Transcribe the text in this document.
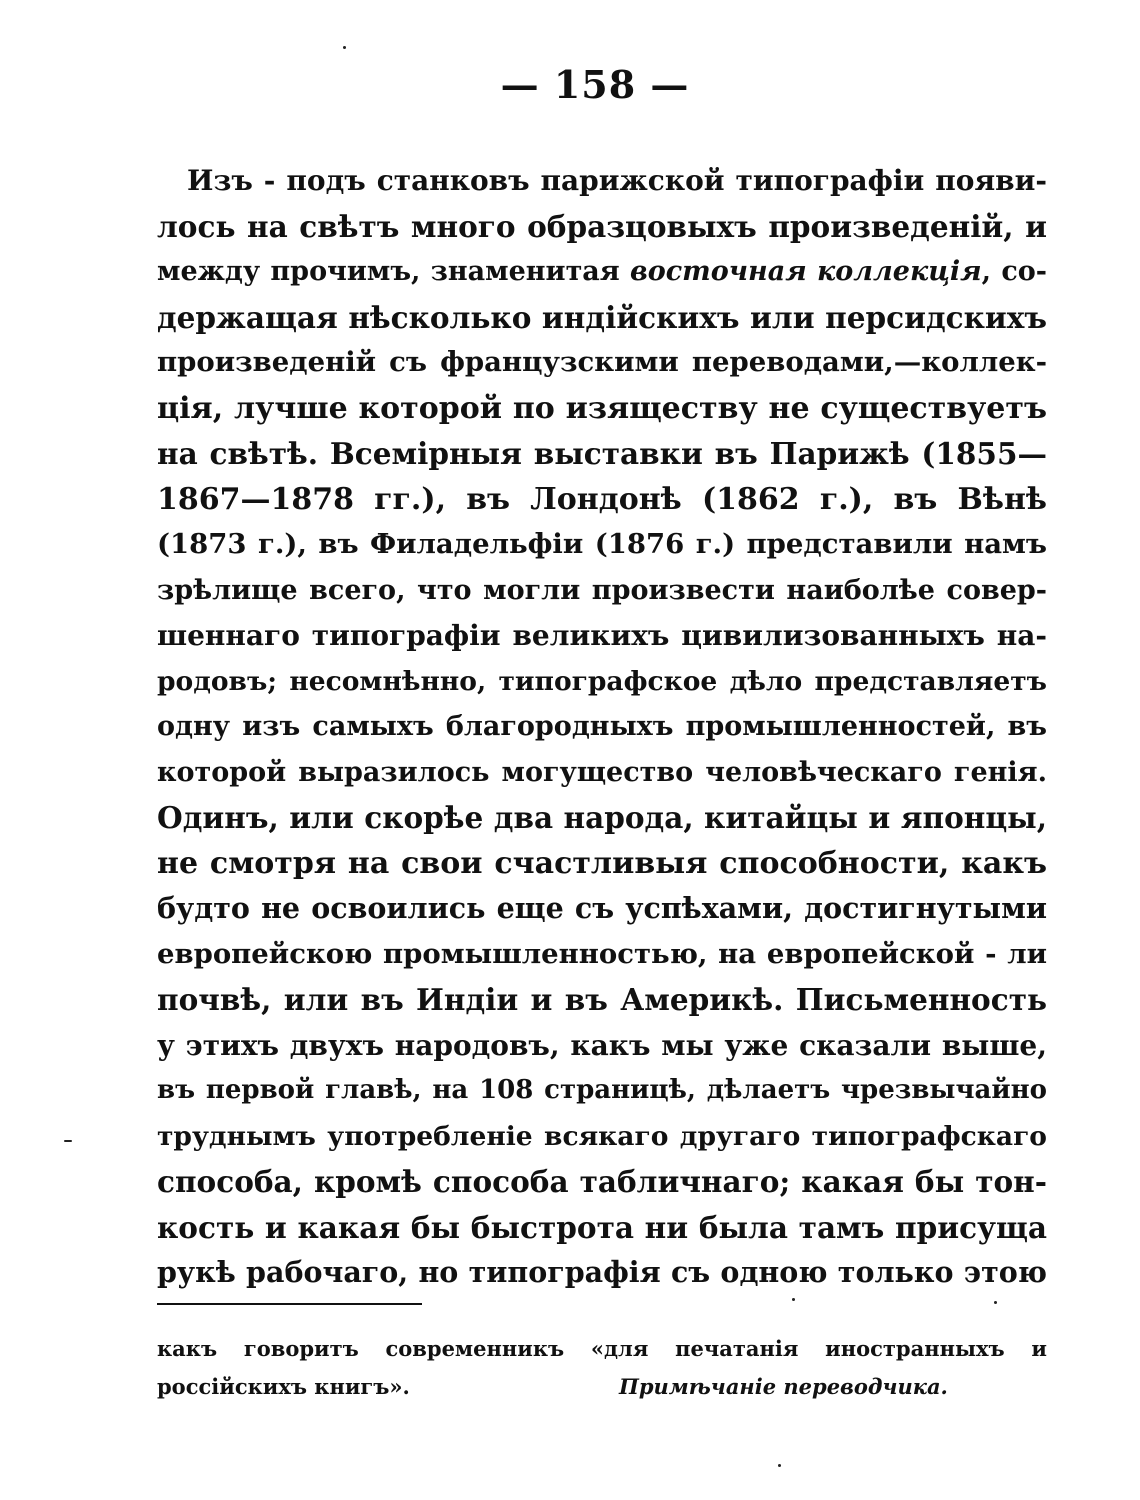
— 158 —
Изъ - подъ станковъ парижской типографіи появи-
лось на свѣтъ много образцовыхъ произведеній, и
между прочимъ, знаменитая восточная коллекція, со-
держащая нѣсколько индійскихъ или персидскихъ
произведеній съ французскими переводами,—коллек-
ція, лучше которой по изяществу не существуетъ
на свѣтѣ. Всемірныя выставки въ Парижѣ (1855—
1867—1878 гг.), въ Лондонѣ (1862 г.), въ Вѣнѣ
(1873 г.), въ Филадельфіи (1876 г.) представили намъ
зрѣлище всего, что могли произвести наиболѣе совер-
шеннаго типографіи великихъ цивилизованныхъ на-
родовъ; несомнѣнно, типографское дѣло представляетъ
одну изъ самыхъ благородныхъ промышленностей, въ
которой выразилось могущество человѣческаго генія.
Одинъ, или скорѣе два народа, китайцы и японцы,
не смотря на свои счастливыя способности, какъ
будто не освоились еще съ успѣхами, достигнутыми
европейскою промышленностью, на европейской - ли
почвѣ, или въ Индіи и въ Америкѣ. Письменность
у этихъ двухъ народовъ, какъ мы уже сказали выше,
въ первой главѣ, на 108 страницѣ, дѣлаетъ чрезвычайно
труднымъ употребленіе всякаго другаго типографскаго
способа, кромѣ способа табличнаго; какая бы тон-
кость и какая бы быстрота ни была тамъ присуща
рукѣ рабочаго, но типографія съ одною только этою
какъ говоритъ современникъ «для печатанія иностранныхъ и
россійскихъ книгъ».	Примѣчаніе переводчика.
